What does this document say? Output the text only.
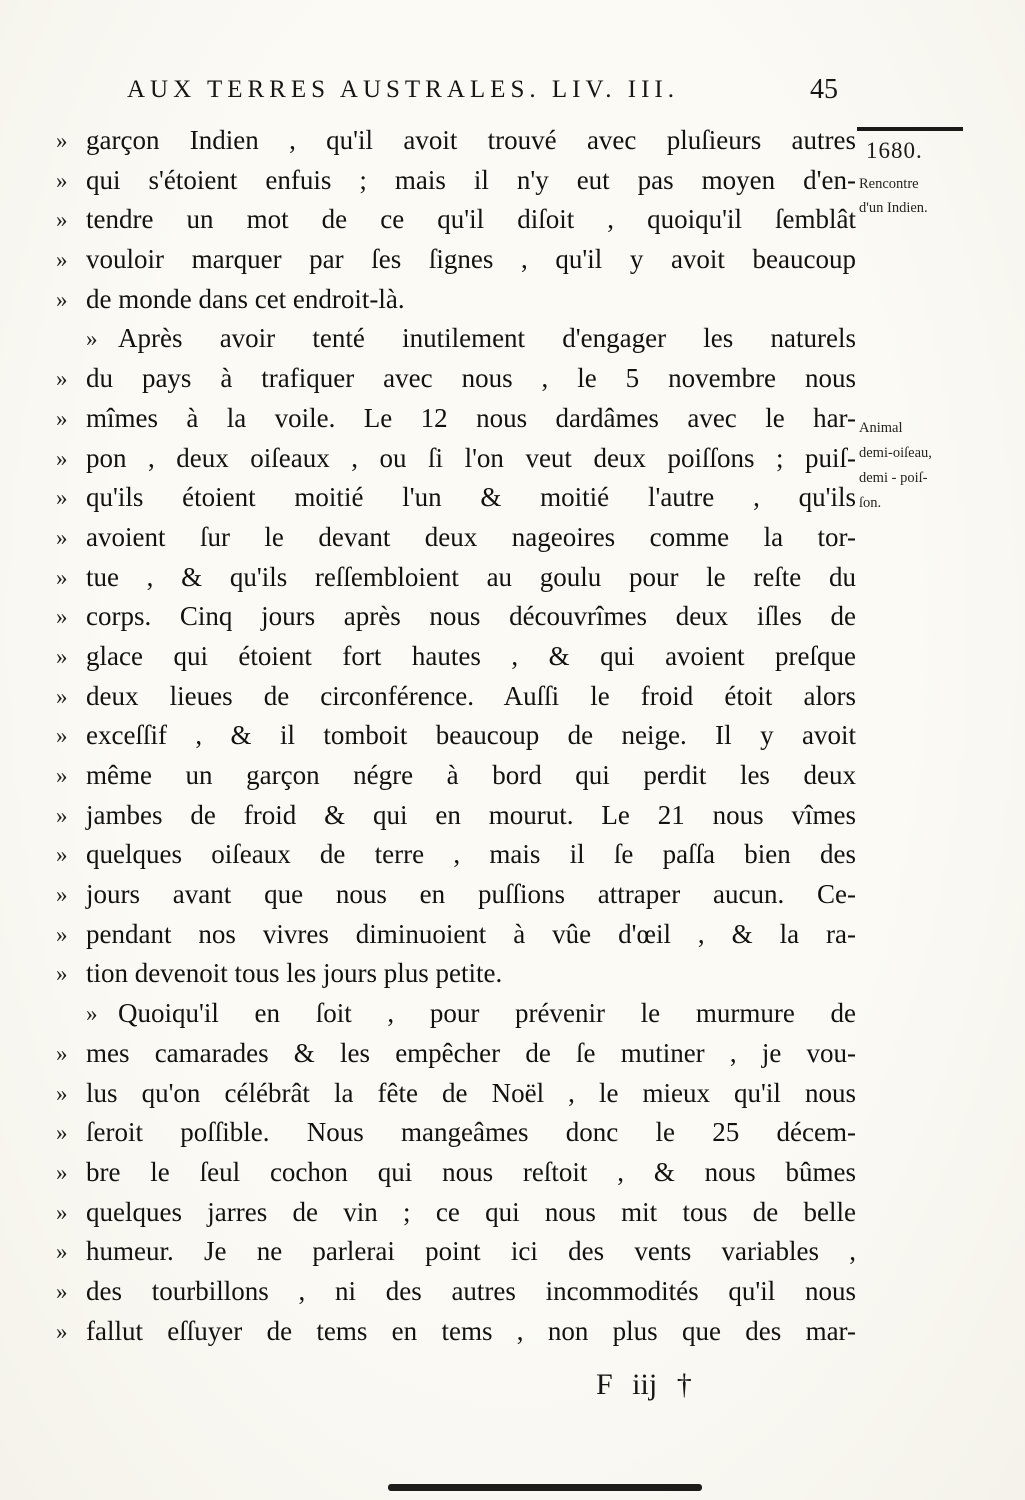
AUX TERRES AUSTRALES. LIV. III.	45
1680.
Rencontre
d'un Indien.
Animal
demi-oiſeau,
demi - poiſ-
ſon.
» garçon Indien , qu'il avoit trouvé avec pluſieurs autres
» qui s'étoient enfuis ; mais il n'y eut pas moyen d'en-
» tendre un mot de ce qu'il diſoit , quoiqu'il ſemblât
» vouloir marquer par ſes ſignes , qu'il y avoit beaucoup
» de monde dans cet endroit-là.
» Après avoir tenté inutilement d'engager les naturels
» du pays à trafiquer avec nous , le 5 novembre nous
» mîmes à la voile. Le 12 nous dardâmes avec le har-
» pon , deux oiſeaux , ou ſi l'on veut deux poiſſons ; puiſ-
» qu'ils étoient moitié l'un & moitié l'autre , qu'ils
» avoient ſur le devant deux nageoires comme la tor-
» tue , & qu'ils reſſembloient au goulu pour le reſte du
» corps. Cinq jours après nous découvrîmes deux iſles de
» glace qui étoient fort hautes , & qui avoient preſque
» deux lieues de circonférence. Auſſi le froid étoit alors
» exceſſif , & il tomboit beaucoup de neige. Il y avoit
» même un garçon négre à bord qui perdit les deux
» jambes de froid & qui en mourut. Le 21 nous vîmes
» quelques oiſeaux de terre , mais il ſe paſſa bien des
» jours avant que nous en puſſions attraper aucun. Ce-
» pendant nos vivres diminuoient à vûe d'œil , & la ra-
» tion devenoit tous les jours plus petite.
» Quoiqu'il en ſoit , pour prévenir le murmure de
» mes camarades & les empêcher de ſe mutiner , je vou-
» lus qu'on célébrât la fête de Noël , le mieux qu'il nous
» ſeroit poſſible. Nous mangeâmes donc le 25 décem-
» bre le ſeul cochon qui nous reſtoit , & nous bûmes
» quelques jarres de vin ; ce qui nous mit tous de belle
» humeur. Je ne parlerai point ici des vents variables ,
» des tourbillons , ni des autres incommodités qu'il nous
» fallut eſſuyer de tems en tems , non plus que des mar-
F iij †
